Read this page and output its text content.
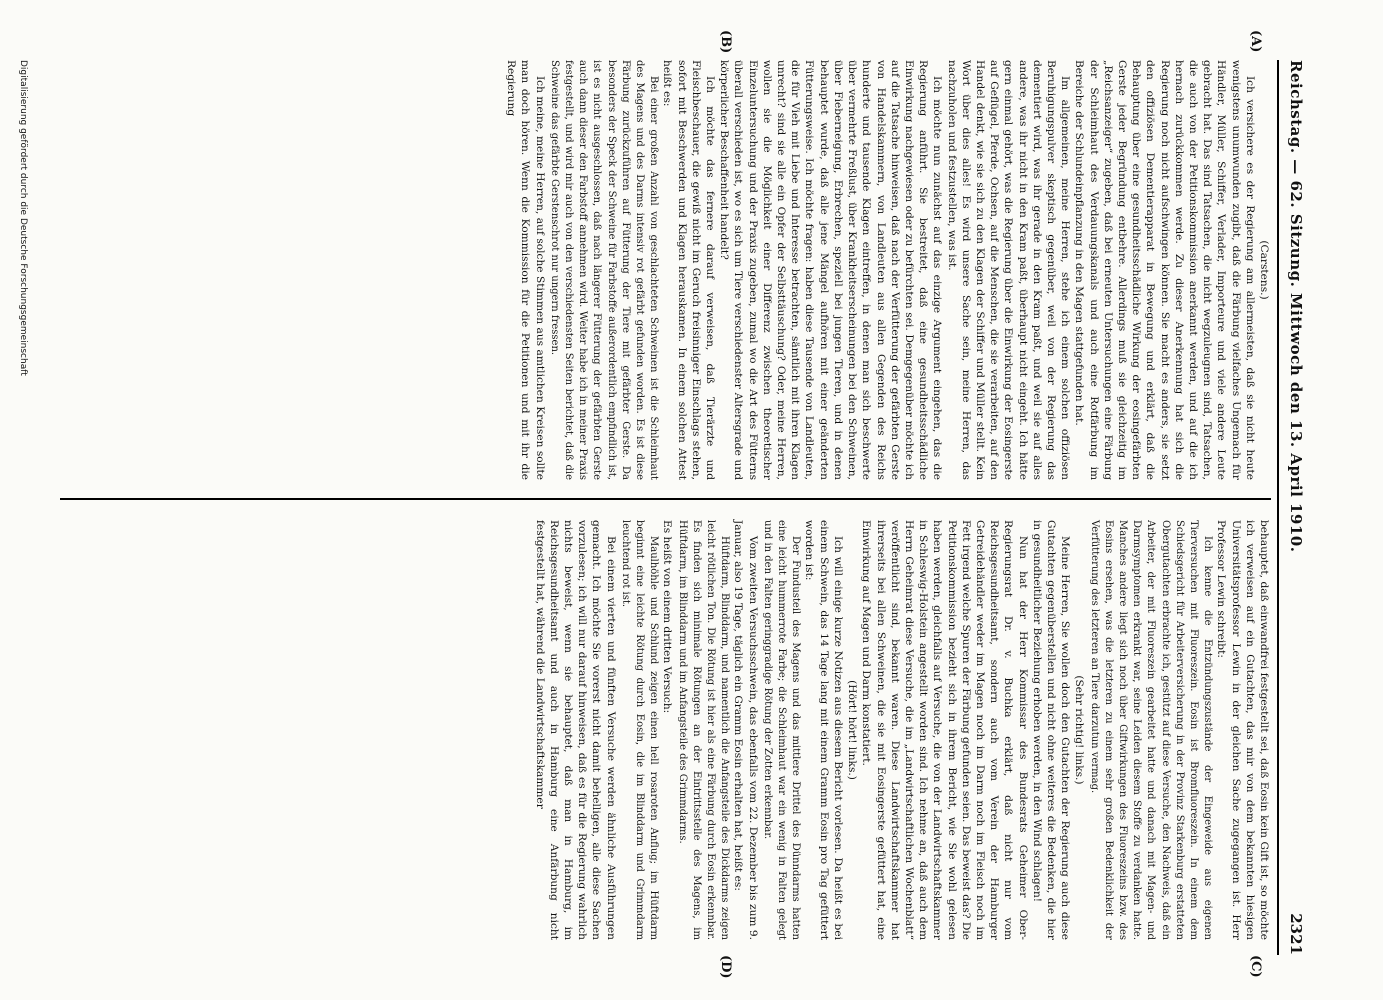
Reichstag. — 62. Sitzung. Mittwoch den 13. April 1910.
2321
(A)
(B)
(C)
(D)

(Carstens.)

Ich versichere es der Regierung am allermeisten, daß sie nicht heute wenigstens unumwunden zugibt, daß die Färbung vielfaches Ungemach für Händler, Müller, Schiffer, Verlader, Importeure und viele andere Leute gebracht hat. Das sind Tatsachen, die nicht wegzuleugnen sind, Tatsachen, die auch von der Petitionskommission anerkannt werden, und auf die ich hernach zurückkommen werde. Zu dieser Anerkennung hat sich die Regierung noch nicht aufschwingen können. Sie macht es anders, sie setzt den offiziösen Dementierapparat in Bewegung und erklärt, daß die Behauptung über eine gesundheitsschädliche Wirkung der eosingefärbten Gerste jeder Begründung entbehre. Allerdings muß sie gleichzeitig im „Reichsanzeiger“ zugeben, daß bei erneuten Untersuchungen eine Färbung der Schleimhaut des Verdauungskanals und auch eine Rotfärbung im Bereiche der Schlundeinpflanzung in den Magen stattgefunden hat.

Im allgemeinen, meine Herren, stehe ich einem solchen offiziösen Beruhigungspulver skeptisch gegenüber, weil von der Regierung das dementiert wird, was ihr gerade in den Kram paßt, und weil sie auf alles andere, was ihr nicht in den Kram paßt, überhaupt nicht eingeht. Ich hätte gern einmal gehört, was die Regierung über die Einwirkung der Eosingerste auf Geflügel, Pferde, Ochsen, auf die Menschen, die sie verarbeiten, auf den Handel denkt, wie sie sich zu den Klagen der Schiffer und Müller stellt. Kein Wort über dies alles! Es wird unsere Sache sein, meine Herren, das nachzuholen und festzustellen, was ist.

Ich möchte nun zunächst auf das einzige Argument eingehen, das die Regierung anführt. Sie bestreitet, daß eine gesundheitsschädliche Einwirkung nachgewiesen oder zu befürchten sei. Demgegenüber möchte ich auf die Tatsache hinweisen, daß nach der Verfütterung der gefärbten Gerste von Handelskammern, von Landleuten aus allen Gegenden des Reichs hunderte und tausende Klagen eintreffen, in denen man sich beschwerte über vermehrte Freßlust, über Krankheitserscheinungen bei den Schweinen, über Fieberneigung, Erbrechen, speziell bei jungen Tieren, und in denen behauptet wurde, daß alle jene Mängel aufhören mit einer geänderten Fütterungsweise. Ich möchte fragen: haben diese Tausende von Landleuten, die für Vieh mit Liebe und Interesse betrachten, sämtlich mit ihren Klagen unrecht? sind sie alle ein Opfer der Selbsttäuschung? Oder, meine Herren, wollen sie die Möglichkeit einer Differenz zwischen theoretischer Einzeluntersuchung und der Praxis zugeben, zumal wo die Art des Fütterns überall verschieden ist, wo es sich um Tiere verschiedenster Altersgrade und körperlicher Beschaffenheit handelt?

Ich möchte das fernere darauf verweisen, daß Tierärzte und Fleischbeschauer, die gewiß nicht im Geruch freisinniger Einschlags stehen, sofort mit Beschwerden und Klagen herauskamen. In einem solchen Attest heißt es:

Bei einer großen Anzahl von geschlachteten Schweinen ist die Schleimhaut des Magens und des Darms intensiv rot gefärbt gefunden worden. Es ist diese Färbung zurückzuführen auf Fütterung der Tiere mit gefärbter Gerste. Da besonders der Speck der Schweine für Farbstoffe außerordentlich empfindlich ist, ist es nicht ausgeschlossen, daß nach längerer Fütterung der gefärbten Gerste auch dann dieser den Farbstoff annehmen wird. Weiter habe ich in meiner Praxis festgestellt, und wird mir auch von den verschiedensten Seiten berichtet, daß die Schweine das gefärbte Gerstenschrot nur ungern fressen.

Ich meine, meine Herren, auf solche Stimmen aus amtlichen Kreisen sollte man doch hören. Wenn die Kommission für die Petitionen und mit ihr die Regierung

behauptet, daß einwandfrei festgestellt sei, daß Eosin kein Gift ist, so möchte ich verweisen auf ein Gutachten, das mir von dem bekannten hiesigen Universitätsprofessor Lewin in der gleichen Sache zugegangen ist. Herr Professor Lewin schreibt:

Ich kenne die Entzündungszustände der Eingeweide aus eigenen Tierversuchen mit Fluoreszein. Eosin ist Bromfluoreszein. In einem dem Schiedsgericht für Arbeiterversicherung in der Provinz Starkenburg erstatteten Obergutachten erbrachte ich, gestützt auf diese Versuche, den Nachweis, daß ein Arbeiter, der mit Fluoreszein gearbeitet hatte und danach mit Magen- und Darmsymptomen erkrankt war, seine Leiden diesem Stoffe zu verdanken hatte. Manches andere liegt sich noch über Giftwirkungen des Fluoreszeins bzw. des Eosins ersehen, was die letzteren zu einem sehr großen Bedenklichkeit der Verfütterung des letzteren an Tiere darzutun vermag.

(Sehr richtig! links.)

Meine Herren, Sie wollen doch den Gutachten der Regierung auch diese Gutachten gegenüberstellen und nicht ohne weiteres die Bedenken, die hier in gesundheitlicher Beziehung erhoben werden, in den Wind schlagen!

Nun hat der Herr Kommissar des Bundesrats Geheimer Ober-Regierungsrat Dr. v. Buchka erklärt, daß nicht nur vom Reichsgesundheitsamt, sondern auch vom Verein der Hamburger Getreidehändler weder im Magen noch im Darm noch im Fleisch noch im Fett irgend welche Spuren der Färbung gefunden seien. Das beweist das? Die Petitionskommission bezieht sich in ihrem Bericht, wie Sie wohl gelesen haben werden, gleichfalls auf Versuche, die von der Landwirtschaftskammer in Schleswig-Holstein angestellt worden sind. Ich nehme an, daß auch dem Herrn Geheimrat diese Versuche, die im „Landwirtschaftlichen Wochenblatt“ veröffentlicht sind, bekannt waren. Diese Landwirtschaftskammer hat ihrerseits bei allen Schweinen, die sie mit Eosingerste gefüttert hat, eine Einwirkung auf Magen und Darm konstatiert.

(Hört! hört! links.)

Ich will einige kurze Notizen aus diesem Bericht vorlesen. Da heißt es bei einem Schwein, das 14 Tage lang mit einem Gramm Eosin pro Tag gefüttert worden ist:

Der Fundusteil des Magens und das mittlere Drittel des Dünndarms hatten eine leicht hummerrote Farbe; die Schleimhaut war ein wenig in Falten gelegt und in den Falten geringgradige Rötung der Zotten erkennbar.

Vom zweiten Versuchsschwein, das ebenfalls vom 22. Dezember bis zum 9. Januar, also 19 Tage, täglich ein Gramm Eosin erhalten hat, heißt es:

Hüftdarm, Blinddarm, und namentlich die Anfangsteile des Dickdarms zeigen leicht rötlichen Ton. Die Rötung ist hier als eine Färbung durch Eosin erkennbar. Es finden sich minimale Rötungen an der Eintrittsstelle des Magens, im Hüftdarm, im Blinddarm und im Anfangsteile des Grimmdarms.

Es heißt von einem dritten Versuch:

Maulhöhle und Schlund zeigen einen hell rosaroten Anflug; im Hüftdarm beginnt eine leichte Rötung durch Eosin, die im Blinddarm und Grimmdarm leuchtend rot ist.

Bei einem vierten und fünften Versuche werden ähnliche Ausführungen gemacht. Ich möchte Sie vorerst nicht damit behelligen, alle diese Sachen vorzulesen; ich will nur darauf hinweisen, daß es für die Regierung wahrlich nichts beweist, wenn sie behauptet, daß man in Hamburg, im Reichsgesundheitsamt und auch in Hamburg eine Anfärbung nicht festgestellt hat, während die Landwirtschaftskammer

Digitalisierung gefördert durch die Deutsche Forschungsgemeinschaft
